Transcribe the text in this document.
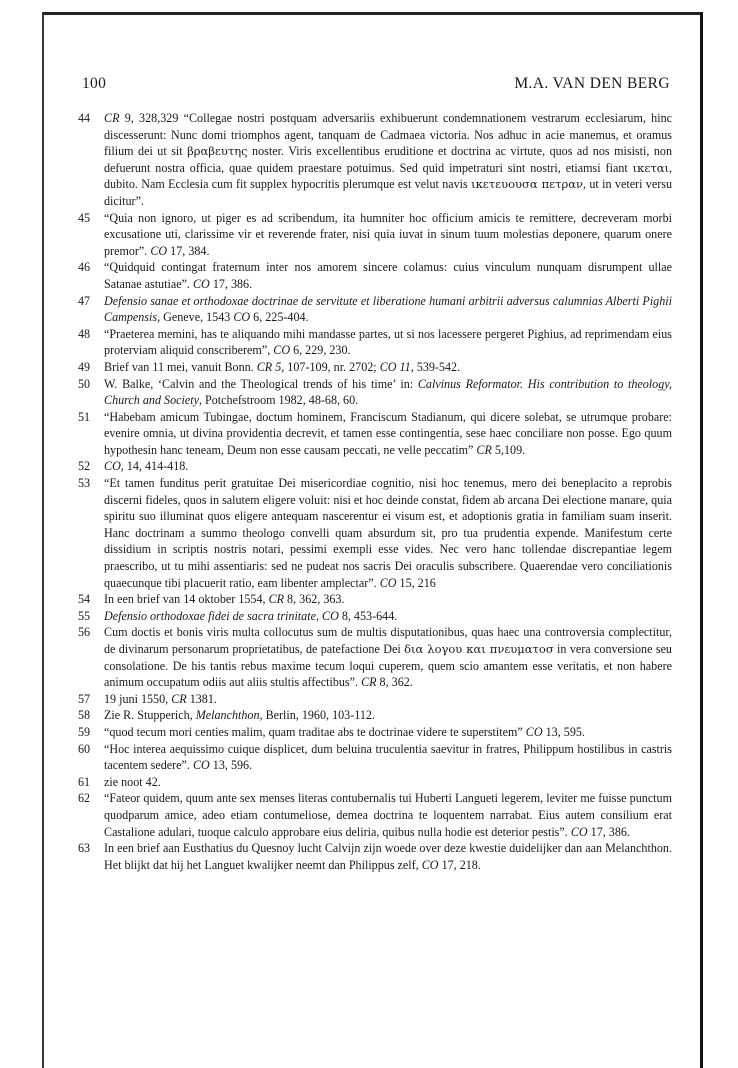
100	M.A. VAN DEN BERG
44	CR 9, 328,329 “Collegae nostri postquam adversariis exhibuerunt condemnationem vestrarum ecclesiarum, hinc discesserunt: Nunc domi triomphos agent, tanquam de Cadmaea victoria. Nos adhuc in acie manemus, et oramus filium dei ut sit βραβευτης noster. Viris excellentibus eruditione et doctrina ac virtute, quos ad nos misisti, non defuerunt nostra officia, quae quidem praestare potuimus. Sed quid impetraturi sint nostri, etiamsi fiant ικεται, dubito. Nam Ecclesia cum fit supplex hypocritis plerumque est velut navis ικετευουσα πετραν, ut in veteri versu dicitur”.
45	“Quia non ignoro, ut piger es ad scribendum, ita humniter hoc officium amicis te remittere, decreveram morbi excusatione uti, clarissime vir et reverende frater, nisi quia iuvat in sinum tuum molestias deponere, quarum onere premor”. CO 17, 384.
46	“Quidquid contingat fraternum inter nos amorem sincere colamus: cuius vinculum nunquam disrumpent ullae Satanae astutiae”. CO 17, 386.
47	Defensio sanae et orthodoxae doctrinae de servitute et liberatione humani arbitrii adversus calumnias Alberti Pighii Campensis, Geneve, 1543 CO 6, 225-404.
48	“Praeterea memini, has te aliquando mihi mandasse partes, ut si nos lacessere pergeret Pighius, ad reprimendam eius proterviam aliquid conscriberem”, CO 6, 229, 230.
49	Brief van 11 mei, vanuit Bonn. CR 5, 107-109, nr. 2702; CO 11, 539-542.
50	W. Balke, ‘Calvin and the Theological trends of his time’ in: Calvinus Reformator. His contribution to theology, Church and Society, Potchefstroom 1982, 48-68, 60.
51	“Habebam amicum Tubingae, doctum hominem, Franciscum Stadianum, qui dicere solebat, se utrumque probare: evenire omnia, ut divina providentia decrevit, et tamen esse contingentia, sese haec conciliare non posse. Ego quum hypothesin hanc teneam, Deum non esse causam peccati, ne velle peccatim” CR 5,109.
52	CO, 14, 414-418.
53	“Et tamen funditus perit gratuitae Dei misericordiae cognitio, nisi hoc tenemus, mero dei beneplacito a reprobis discerni fideles, quos in salutem eligere voluit: nisi et hoc deinde constat, fidem ab arcana Dei electione manare, quia spiritu suo illuminat quos eligere antequam nascerentur ei visum est, et adoptionis gratia in familiam suam inserit. Hanc doctrinam a summo theologo convelli quam absurdum sit, pro tua prudentia expende. Manifestum certe dissidium in scriptis nostris notari, pessimi exempli esse vides. Nec vero hanc tollendae discrepantiae legem praescribo, ut tu mihi assentiaris: sed ne pudeat nos sacris Dei oraculis subscribere. Quaerendae vero conciliationis quaecunque tibi placuerit ratio, eam libenter amplectar”. CO 15, 216
54	In een brief van 14 oktober 1554, CR 8, 362, 363.
55	Defensio orthodoxae fidei de sacra trinitate, CO 8, 453-644.
56	Cum doctis et bonis viris multa collocutus sum de multis disputationibus, quas haec una controversia complectitur, de divinarum personarum proprietatibus, de patefactione Dei δια λογου και πνευματοσ in vera conversione seu consolatione. De his tantis rebus maxime tecum loqui cuperem, quem scio amantem esse veritatis, et non habere animum occupatum odiis aut aliis stultis affectibus”. CR 8, 362.
57	19 juni 1550, CR 1381.
58	Zie R. Stupperich, Melanchthon, Berlin, 1960, 103-112.
59	“quod tecum mori centies malim, quam traditae abs te doctrinae videre te superstitem” CO 13, 595.
60	“Hoc interea aequissimo cuique displicet, dum beluina truculentia saevitur in fratres, Philippum hostilibus in castris tacentem sedere”. CO 13, 596.
61	zie noot 42.
62	“Fateor quidem, quum ante sex menses literas contubernalis tui Huberti Langueti legerem, leviter me fuisse punctum quodparum amice, adeo etiam contumeliose, demea doctrina te loquentem narrabat. Eius autem consilium erat Castalione adulari, tuoque calculo approbare eius deliria, quibus nulla hodie est deterior pestis”. CO 17, 386.
63	In een brief aan Eusthatius du Quesnoy lucht Calvijn zijn woede over deze kwestie duidelijker dan aan Melanchthon. Het blijkt dat hij het Languet kwalijker neemt dan Philippus zelf, CO 17, 218.
